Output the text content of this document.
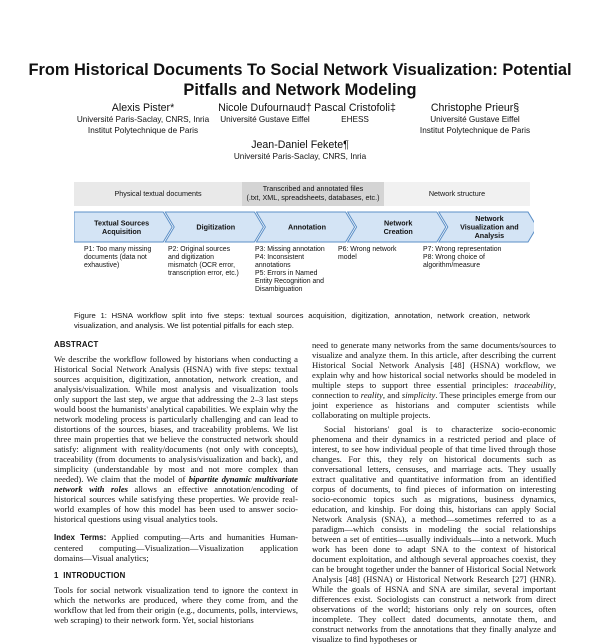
From Historical Documents To Social Network Visualization: Potential Pitfalls and Network Modeling
Alexis Pister*
Université Paris-Saclay, CNRS, Inria
Institut Polytechnique de Paris
Nicole Dufournaud†
Université Gustave Eiffel
Pascal Cristofoli‡
EHESS
Christophe Prieur§
Université Gustave Eiffel
Institut Polytechnique de Paris
Jean-Daniel Fekete¶
Université Paris-Saclay, CNRS, Inria
Physical textual documents	Transcribed and annotated files
(.txt, XML, spreadsheets, databases, etc.)	Network structure
Textual Sources
Acquisition	Digitization	Annotation	Network
Creation
Network
Visualization and
Analysis
P1: Too many missing
documents (data not
exhaustive)
P2: Original sources
and digitization
mismatch (OCR error,
transcription error, etc.)
P3: Missing annotation
P4: Inconsistent
annotations
P5: Errors in Named
Entity Recognition and
Disambiguation
P6: Wrong network
model
P7: Wrong representation
P8: Wrong choice of
algorithm/measure
Figure 1: HSNA workflow split into five steps: textual sources acquisition, digitization, annotation, network creation, network visualization, and analysis. We list potential pitfalls for each step.
ABSTRACT

We describe the workflow followed by historians when conducting a Historical Social Network Analysis (HSNA) with five steps: textual sources acquisition, digitization, annotation, network creation, and analysis/visualization. While most analysis and visualization tools only support the last step, we argue that addressing the 2–3 last steps would boost the humanists' analytical capabilities. We explain why the network modeling process is particularly challenging and can lead to distortions of the sources, biases, and traceability problems. We list three main properties that we believe the constructed network should satisfy: alignment with reality/documents (not only with concepts), traceability (from documents to analysis/visualization and back), and simplicity (understandable by most and not more complex than needed). We claim that the model of bipartite dynamic multivariate network with roles allows an effective annotation/encoding of historical sources while satisfying these properties. We provide real-world examples of how this model has been used to answer socio-historical questions using visual analytics tools.

Index Terms: Applied computing—Arts and humanities Human-centered computing—Visualization—Visualization application domains—Visual analytics;

1 INTRODUCTION

Tools for social network visualization tend to ignore the context in which the networks are produced, where they come from, and the workflow that led from their origin (e.g., documents, polls, interviews, web scraping) to their network form. Yet, social historians

need to generate many networks from the same documents/sources to visualize and analyze them. In this article, after describing the current Historical Social Network Analysis [48] (HSNA) workflow, we explain why and how historical social networks should be modeled in multiple steps to support three essential principles: traceability, connection to reality, and simplicity. These principles emerge from our joint experience as historians and computer scientists while collaborating on multiple projects.

Social historians' goal is to characterize socio-economic phenomena and their dynamics in a restricted period and place of interest, to see how individual people of that time lived through those changes. For this, they rely on historical documents such as conversational letters, censuses, and marriage acts. They usually extract qualitative and quantitative information from an identified corpus of documents, to find pieces of information on interesting socio-economic topics such as migrations, business dynamics, education, and kinship. For doing this, historians can apply Social Network Analysis (SNA), a method—sometimes referred to as a paradigm—which consists in modeling the social relationships between a set of entities—usually individuals—into a network. Much work has been done to adapt SNA to the context of historical document exploitation, and although several approaches coexist, they can be brought together under the banner of Historical Social Network Analysis [48] (HSNA) or Historical Network Research [27] (HNR). While the goals of HSNA and SNA are similar, several important differences exist. Sociologists can construct a network from direct observations of the world; historians only rely on sources, often incomplete. They collect dated documents, annotate them, and construct networks from the annotations that they finally analyze and visualize to find hypotheses or
